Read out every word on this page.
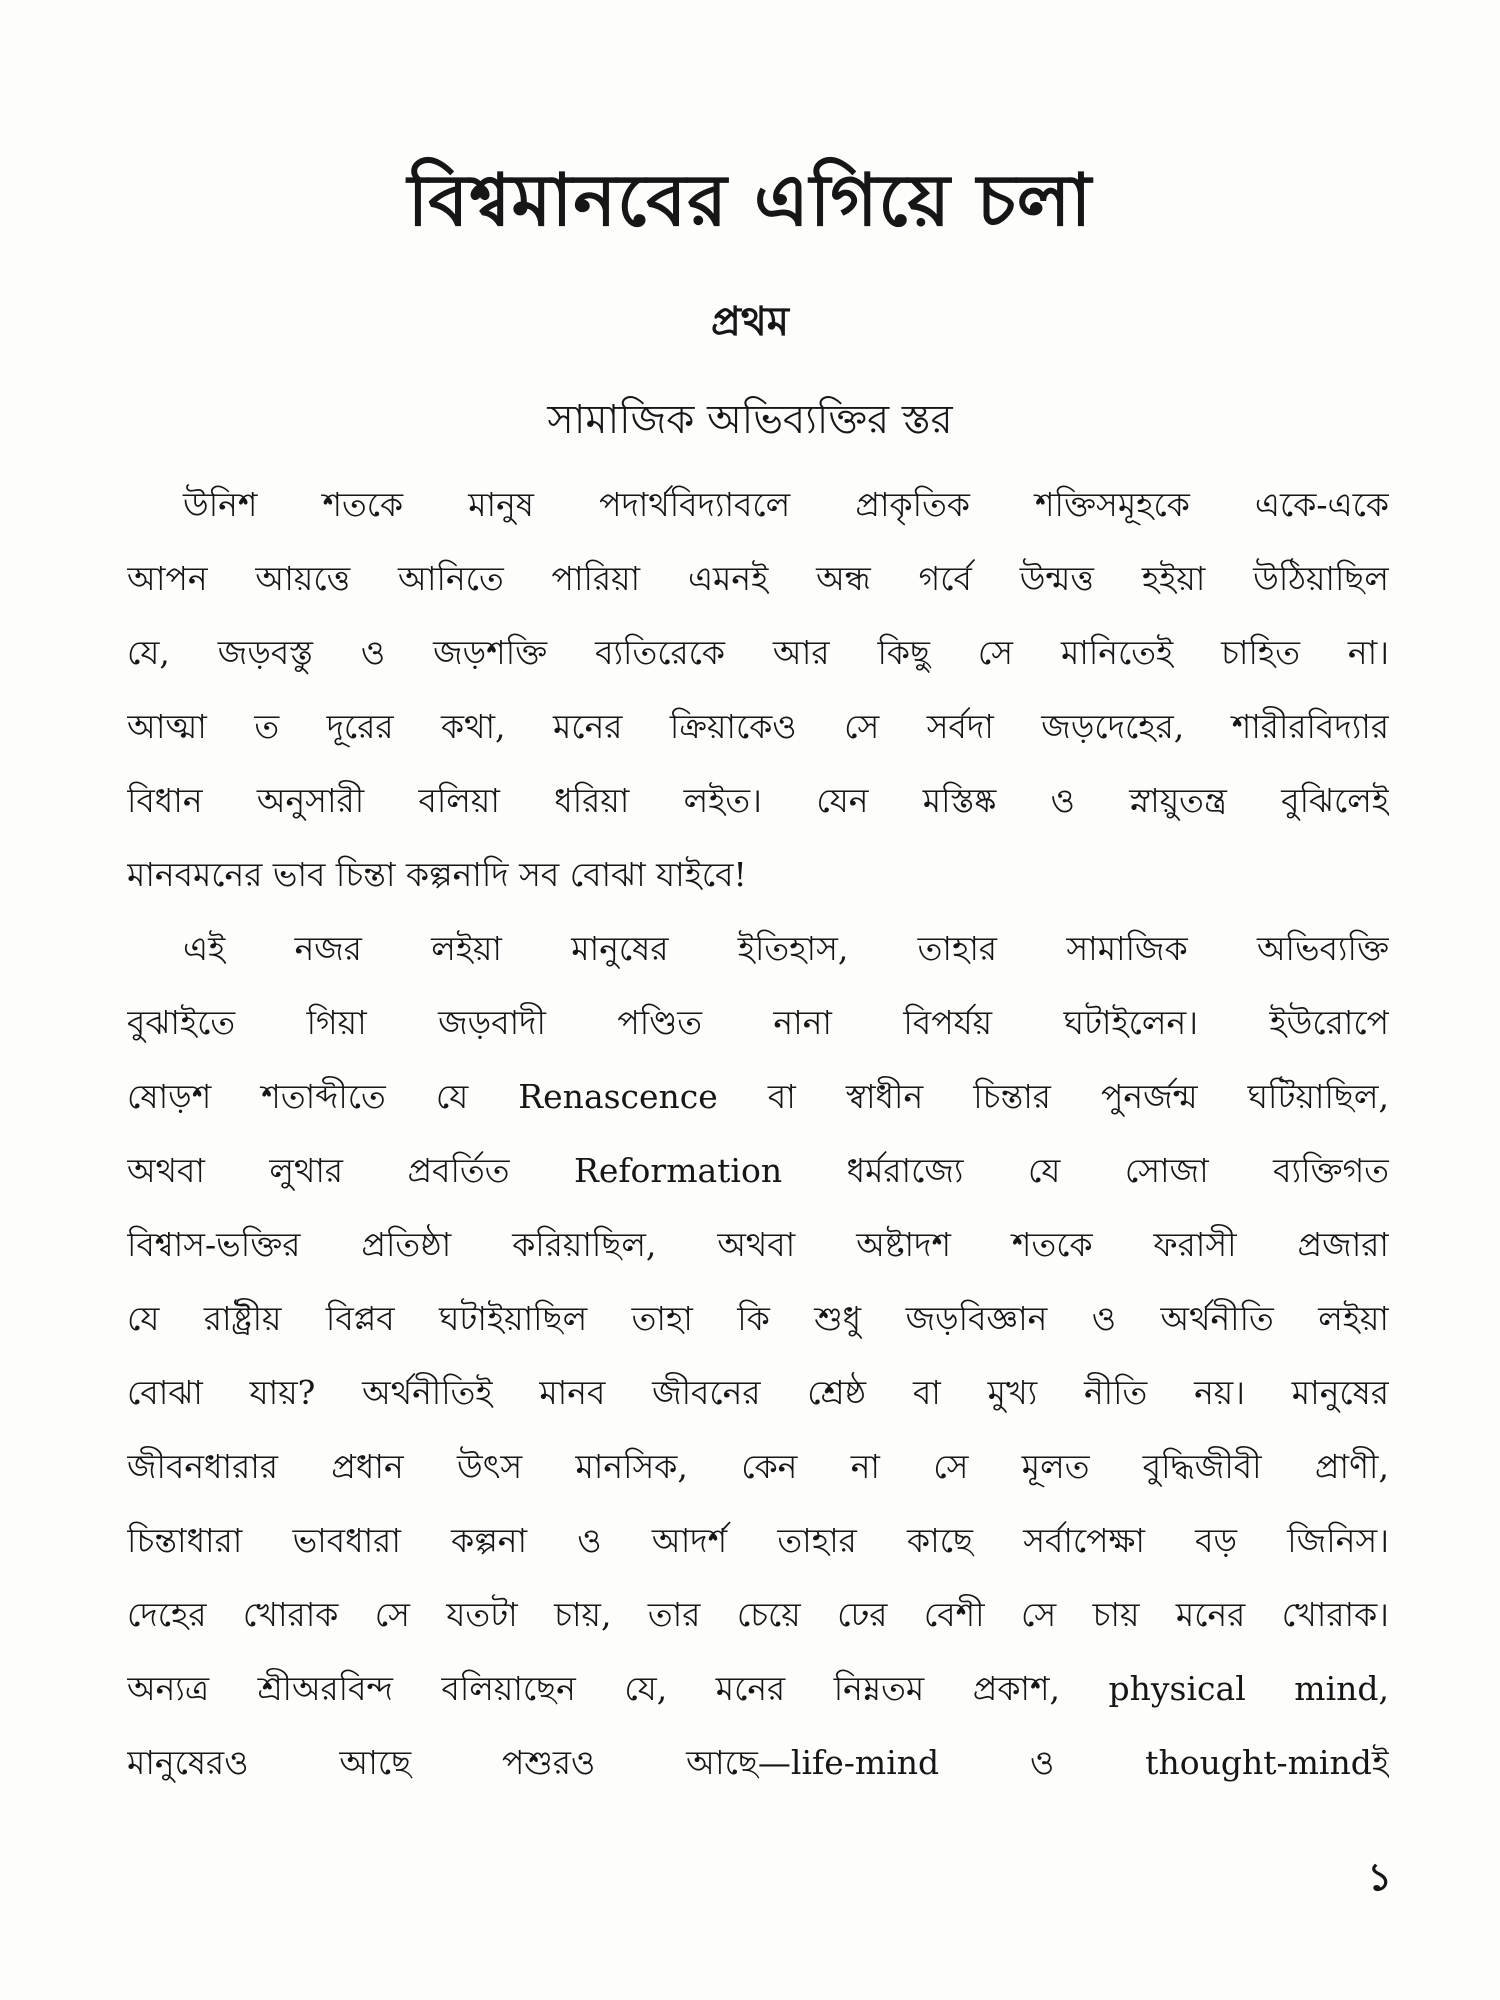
বিশ্বমানবের এগিয়ে চলা
প্রথম
সামাজিক অভিব্যক্তির স্তর
উনিশ শতকে মানুষ পদার্থবিদ্যাবলে প্রাকৃতিক শক্তিসমূহকে একে-একে
আপন আয়ত্তে আনিতে পারিয়া এমনই অন্ধ গর্বে উন্মত্ত হইয়া উঠিয়াছিল
যে, জড়বস্তু ও জড়শক্তি ব্যতিরেকে আর কিছু সে মানিতেই চাহিত না।
আত্মা ত দূরের কথা, মনের ক্রিয়াকেও সে সর্বদা জড়দেহের, শারীরবিদ্যার
বিধান অনুসারী বলিয়া ধরিয়া লইত। যেন মস্তিষ্ক ও স্নায়ুতন্ত্র বুঝিলেই
মানবমনের ভাব চিন্তা কল্পনাদি সব বোঝা যাইবে!
এই নজর লইয়া মানুষের ইতিহাস, তাহার সামাজিক অভিব্যক্তি
বুঝাইতে গিয়া জড়বাদী পণ্ডিত নানা বিপর্যয় ঘটাইলেন। ইউরোপে
ষোড়শ শতাব্দীতে যে Renascence বা স্বাধীন চিন্তার পুনর্জন্ম ঘটিয়াছিল,
অথবা লুথার প্রবর্তিত Reformation ধর্মরাজ্যে যে সোজা ব্যক্তিগত
বিশ্বাস-ভক্তির প্রতিষ্ঠা করিয়াছিল, অথবা অষ্টাদশ শতকে ফরাসী প্রজারা
যে রাষ্ট্রীয় বিপ্লব ঘটাইয়াছিল তাহা কি শুধু জড়বিজ্ঞান ও অর্থনীতি লইয়া
বোঝা যায়? অর্থনীতিই মানব জীবনের শ্রেষ্ঠ বা মুখ্য নীতি নয়। মানুষের
জীবনধারার প্রধান উৎস মানসিক, কেন না সে মূলত বুদ্ধিজীবী প্রাণী,
চিন্তাধারা ভাবধারা কল্পনা ও আদর্শ তাহার কাছে সর্বাপেক্ষা বড় জিনিস।
দেহের খোরাক সে যতটা চায়, তার চেয়ে ঢের বেশী সে চায় মনের খোরাক।
অন্যত্র শ্রীঅরবিন্দ বলিয়াছেন যে, মনের নিম্নতম প্রকাশ, physical mind,
মানুষেরও আছে পশুরও আছে—life-mind ও thought-mindই
১
